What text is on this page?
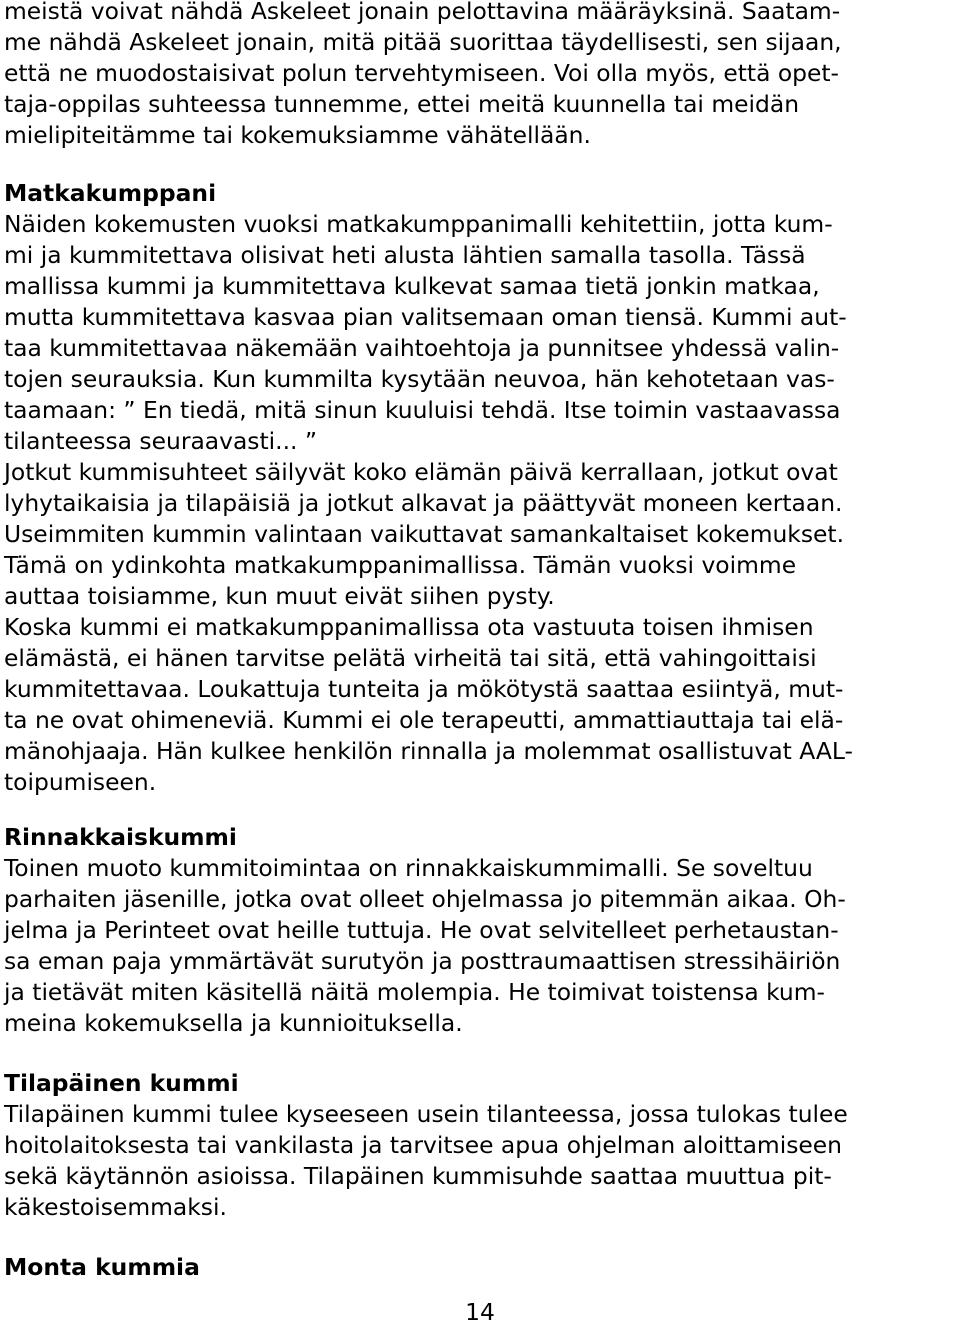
meistä voivat nähdä Askeleet jonain pelottavina määräyksinä. Saatam-
me nähdä Askeleet jonain, mitä pitää suorittaa täydellisesti, sen sijaan,
että ne muodostaisivat polun tervehtymiseen. Voi olla myös, että opet-
taja-oppilas suhteessa tunnemme, ettei meitä kuunnella tai meidän
mielipiteitämme tai kokemuksiamme vähätellään.
Matkakumppani
Näiden kokemusten vuoksi matkakumppanimalli kehitettiin, jotta kum-
mi ja kummitettava olisivat heti alusta lähtien samalla tasolla. Tässä
mallissa kummi ja kummitettava kulkevat samaa tietä jonkin matkaa,
mutta kummitettava kasvaa pian valitsemaan oman tiensä. Kummi aut-
taa kummitettavaa näkemään vaihtoehtoja ja punnitsee yhdessä valin-
tojen seurauksia. Kun kummilta kysytään neuvoa, hän kehotetaan vas-
taamaan: ” En tiedä, mitä sinun kuuluisi tehdä. Itse toimin vastaavassa
tilanteessa seuraavasti... ”
Jotkut kummisuhteet säilyvät koko elämän päivä kerrallaan, jotkut ovat
lyhytaikaisia ja tilapäisiä ja jotkut alkavat ja päättyvät moneen kertaan.
Useimmiten kummin valintaan vaikuttavat samankaltaiset kokemukset.
Tämä on ydinkohta matkakumppanimallissa. Tämän vuoksi voimme
auttaa toisiamme, kun muut eivät siihen pysty.
Koska kummi ei matkakumppanimallissa ota vastuuta toisen ihmisen
elämästä, ei hänen tarvitse pelätä virheitä tai sitä, että vahingoittaisi
kummitettavaa. Loukattuja tunteita ja mökötystä saattaa esiintyä, mut-
ta ne ovat ohimeneviä. Kummi ei ole terapeutti, ammattiauttaja tai elä-
mänohjaaja. Hän kulkee henkilön rinnalla ja molemmat osallistuvat AAL-
toipumiseen.
Rinnakkaiskummi
Toinen muoto kummitoimintaa on rinnakkaiskummimalli. Se soveltuu
parhaiten jäsenille, jotka ovat olleet ohjelmassa jo pitemmän aikaa. Oh-
jelma ja Perinteet ovat heille tuttuja. He ovat selvitelleet perhetaustan-
sa eman paja ymmärtävät surutyön ja posttraumaattisen stressihäiriön
ja tietävät miten käsitellä näitä molempia. He toimivat toistensa kum-
meina kokemuksella ja kunnioituksella.
Tilapäinen kummi
Tilapäinen kummi tulee kyseeseen usein tilanteessa, jossa tulokas tulee
hoitolaitoksesta tai vankilasta ja tarvitsee apua ohjelman aloittamiseen
sekä käytännön asioissa. Tilapäinen kummisuhde saattaa muuttua pit-
käkestoisemmaksi.
Monta kummia
14
